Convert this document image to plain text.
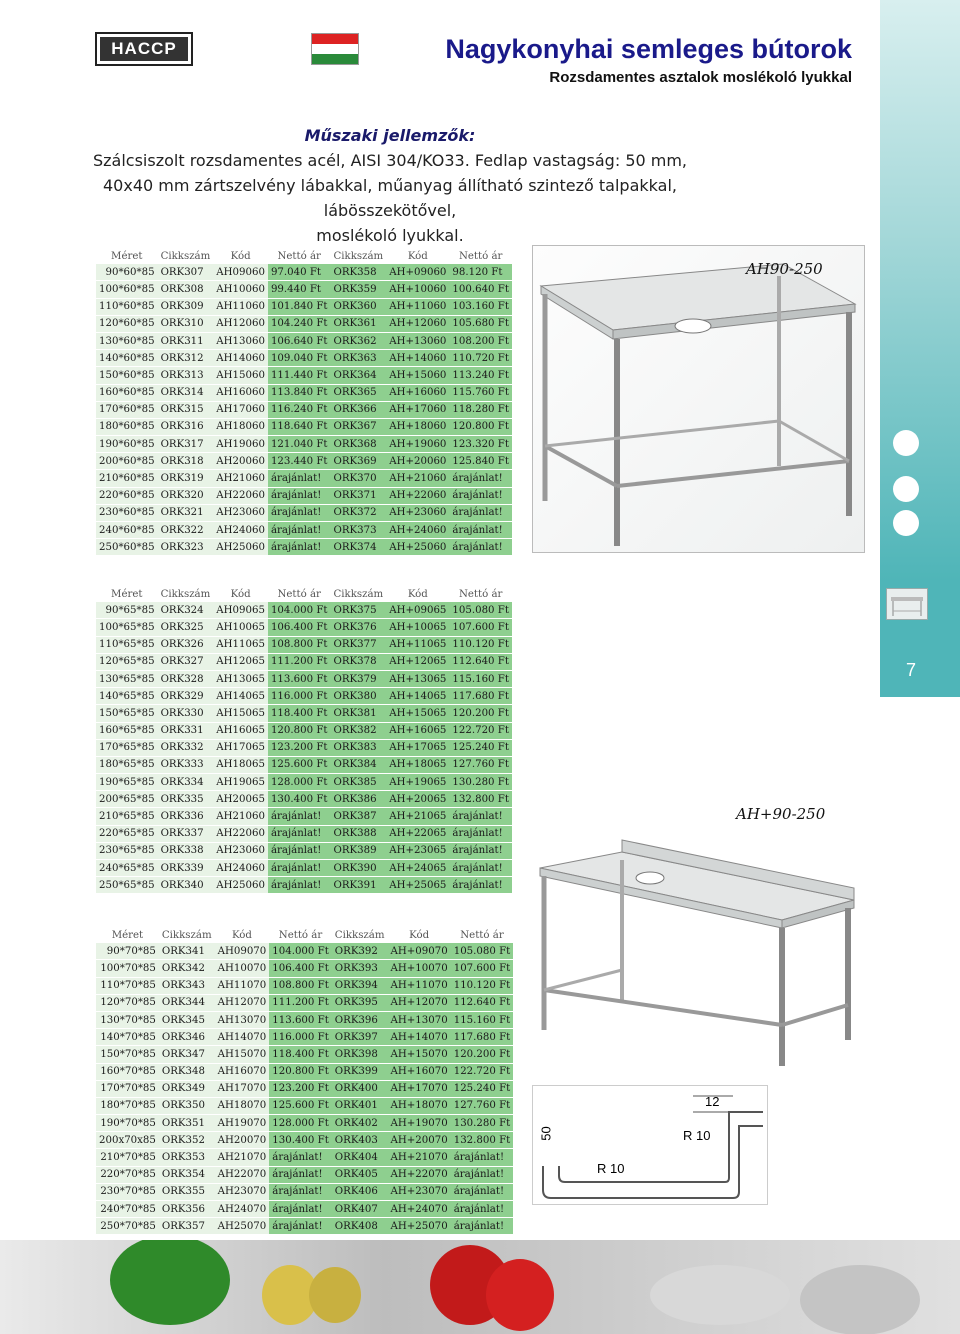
7
HACCP	Nagykonyhai semleges bútorok
Rozsdamentes asztalok moslékoló lyukkal
Műszaki jellemzők:
Szálcsiszolt rozsdamentes acél, AISI 304/KO33. Fedlap vastagság: 50 mm,
40x40 mm zártszelvény lábakkal, műanyag állítható szintező talpakkal, lábösszekötővel,
moslékoló lyukkal.
Méret	Cikkszám	Kód	Nettó ár	Cikkszám	Kód	Nettó ár
90*60*85	ORK307	AH09060	97.040 Ft	ORK358	AH+09060	98.120 Ft
100*60*85	ORK308	AH10060	99.440 Ft	ORK359	AH+10060	100.640 Ft
110*60*85	ORK309	AH11060	101.840 Ft	ORK360	AH+11060	103.160 Ft
120*60*85	ORK310	AH12060	104.240 Ft	ORK361	AH+12060	105.680 Ft
130*60*85	ORK311	AH13060	106.640 Ft	ORK362	AH+13060	108.200 Ft
140*60*85	ORK312	AH14060	109.040 Ft	ORK363	AH+14060	110.720 Ft
150*60*85	ORK313	AH15060	111.440 Ft	ORK364	AH+15060	113.240 Ft
160*60*85	ORK314	AH16060	113.840 Ft	ORK365	AH+16060	115.760 Ft
170*60*85	ORK315	AH17060	116.240 Ft	ORK366	AH+17060	118.280 Ft
180*60*85	ORK316	AH18060	118.640 Ft	ORK367	AH+18060	120.800 Ft
190*60*85	ORK317	AH19060	121.040 Ft	ORK368	AH+19060	123.320 Ft
200*60*85	ORK318	AH20060	123.440 Ft	ORK369	AH+20060	125.840 Ft
210*60*85	ORK319	AH21060	árajánlat!	ORK370	AH+21060	árajánlat!
220*60*85	ORK320	AH22060	árajánlat!	ORK371	AH+22060	árajánlat!
230*60*85	ORK321	AH23060	árajánlat!	ORK372	AH+23060	árajánlat!
240*60*85	ORK322	AH24060	árajánlat!	ORK373	AH+24060	árajánlat!
250*60*85	ORK323	AH25060	árajánlat!	ORK374	AH+25060	árajánlat!
Méret	Cikkszám	Kód	Nettó ár	Cikkszám	Kód	Nettó ár
90*65*85	ORK324	AH09065	104.000 Ft	ORK375	AH+09065	105.080 Ft
100*65*85	ORK325	AH10065	106.400 Ft	ORK376	AH+10065	107.600 Ft
110*65*85	ORK326	AH11065	108.800 Ft	ORK377	AH+11065	110.120 Ft
120*65*85	ORK327	AH12065	111.200 Ft	ORK378	AH+12065	112.640 Ft
130*65*85	ORK328	AH13065	113.600 Ft	ORK379	AH+13065	115.160 Ft
140*65*85	ORK329	AH14065	116.000 Ft	ORK380	AH+14065	117.680 Ft
150*65*85	ORK330	AH15065	118.400 Ft	ORK381	AH+15065	120.200 Ft
160*65*85	ORK331	AH16065	120.800 Ft	ORK382	AH+16065	122.720 Ft
170*65*85	ORK332	AH17065	123.200 Ft	ORK383	AH+17065	125.240 Ft
180*65*85	ORK333	AH18065	125.600 Ft	ORK384	AH+18065	127.760 Ft
190*65*85	ORK334	AH19065	128.000 Ft	ORK385	AH+19065	130.280 Ft
200*65*85	ORK335	AH20065	130.400 Ft	ORK386	AH+20065	132.800 Ft
210*65*85	ORK336	AH21060	árajánlat!	ORK387	AH+21065	árajánlat!
220*65*85	ORK337	AH22060	árajánlat!	ORK388	AH+22065	árajánlat!
230*65*85	ORK338	AH23060	árajánlat!	ORK389	AH+23065	árajánlat!
240*65*85	ORK339	AH24060	árajánlat!	ORK390	AH+24065	árajánlat!
250*65*85	ORK340	AH25060	árajánlat!	ORK391	AH+25065	árajánlat!
Méret	Cikkszám	Kód	Nettó ár	Cikkszám	Kód	Nettó ár
90*70*85	ORK341	AH09070	104.000 Ft	ORK392	AH+09070	105.080 Ft
100*70*85	ORK342	AH10070	106.400 Ft	ORK393	AH+10070	107.600 Ft
110*70*85	ORK343	AH11070	108.800 Ft	ORK394	AH+11070	110.120 Ft
120*70*85	ORK344	AH12070	111.200 Ft	ORK395	AH+12070	112.640 Ft
130*70*85	ORK345	AH13070	113.600 Ft	ORK396	AH+13070	115.160 Ft
140*70*85	ORK346	AH14070	116.000 Ft	ORK397	AH+14070	117.680 Ft
150*70*85	ORK347	AH15070	118.400 Ft	ORK398	AH+15070	120.200 Ft
160*70*85	ORK348	AH16070	120.800 Ft	ORK399	AH+16070	122.720 Ft
170*70*85	ORK349	AH17070	123.200 Ft	ORK400	AH+17070	125.240 Ft
180*70*85	ORK350	AH18070	125.600 Ft	ORK401	AH+18070	127.760 Ft
190*70*85	ORK351	AH19070	128.000 Ft	ORK402	AH+19070	130.280 Ft
200x70x85	ORK352	AH20070	130.400 Ft	ORK403	AH+20070	132.800 Ft
210*70*85	ORK353	AH21070	árajánlat!	ORK404	AH+21070	árajánlat!
220*70*85	ORK354	AH22070	árajánlat!	ORK405	AH+22070	árajánlat!
230*70*85	ORK355	AH23070	árajánlat!	ORK406	AH+23070	árajánlat!
240*70*85	ORK356	AH24070	árajánlat!	ORK407	AH+24070	árajánlat!
250*70*85	ORK357	AH25070	árajánlat!	ORK408	AH+25070	árajánlat!
AH90-250
AH+90-250
12
50	R 10
R 10
